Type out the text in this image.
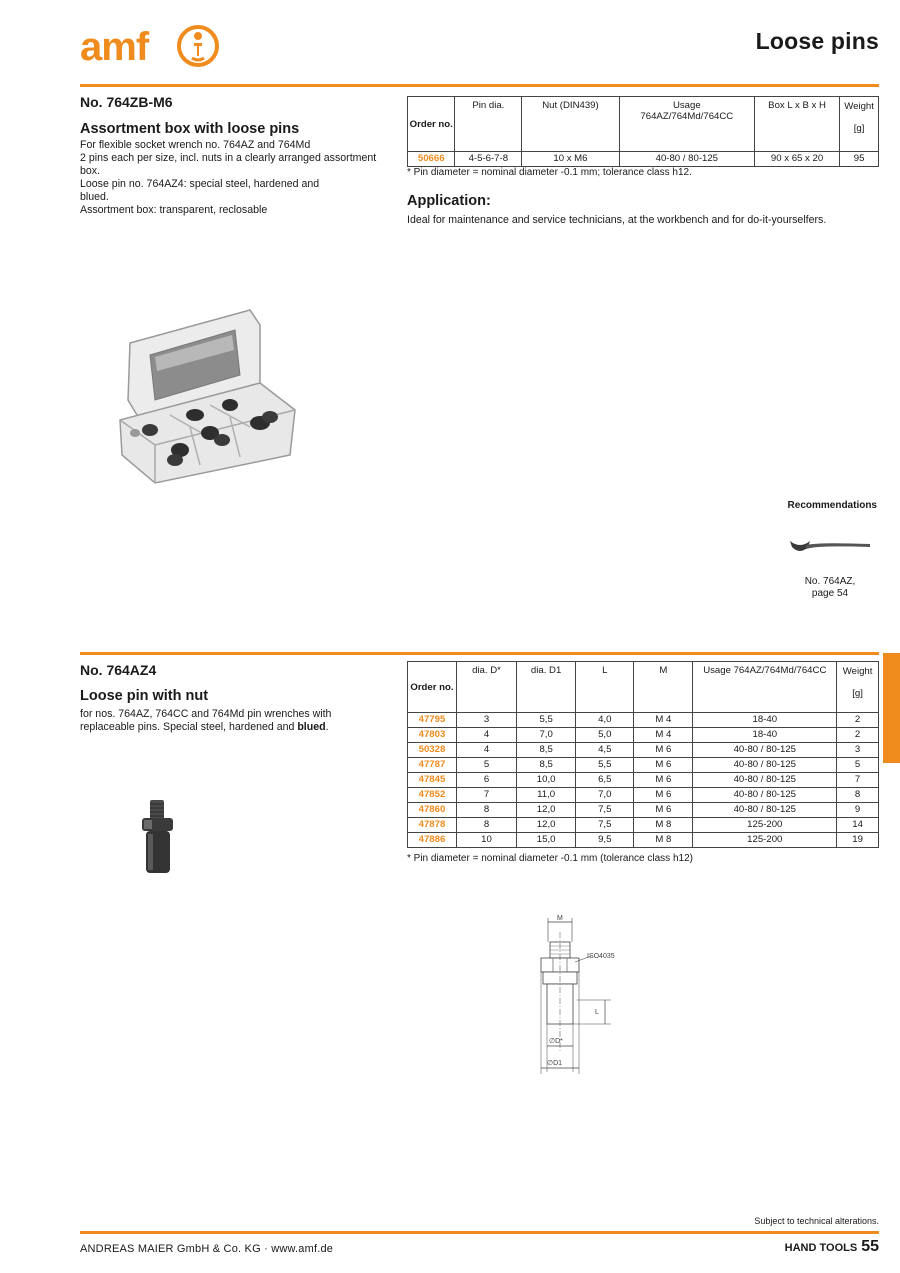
amf	Loose pins
No. 764ZB-M6
Assortment box with loose pins

For flexible socket wrench no. 764AZ and 764Md

2 pins each per size, incl. nuts in a clearly arranged assortment box.

Loose pin no. 764AZ4: special steel, hardened and blued.

Assortment box: transparent, reclosable

Order no.	Pin dia.	Nut (DIN439)	Usage 764AZ/764Md/764CC	Box L x B x H	Weight
[g]

50666	4-5-6-7-8	10 x M6	40-80 / 80-125	90 x 65 x 20	95
* Pin diameter = nominal diameter -0.1 mm; tolerance class h12.
Application:
Ideal for maintenance and service technicians, at the workbench and for do-it-yourselfers.
Recommendations
No. 764AZ,
page 54
No. 764AZ4
Loose pin with nut

for nos. 764AZ, 764CC and 764Md pin wrenches with

replaceable pins. Special steel, hardened and blued.

Order no.	dia. D*	dia. D1	L	M	Usage 764AZ/764Md/764CC	Weight
[g]

47795	3	5,5	4,0	M 4	18-40	2
47803	4	7,0	5,0	M 4	18-40	2
50328	4	8,5	4,5	M 6	40-80 / 80-125	3
47787	5	8,5	5,5	M 6	40-80 / 80-125	5
47845	6	10,0	6,5	M 6	40-80 / 80-125	7
47852	7	11,0	7,0	M 6	40-80 / 80-125	8
47860	8	12,0	7,5	M 6	40-80 / 80-125	9
47878	8	12,0	7,5	M 8	125-200	14
47886	10	15,0	9,5	M 8	125-200	19
* Pin diameter = nominal diameter -0.1 mm (tolerance class h12)
M
ISO4035
L
∅D*
∅D1
Subject to technical alterations.
ANDREAS MAIER GmbH & Co. KG · www.amf.de	HAND TOOLS 55
